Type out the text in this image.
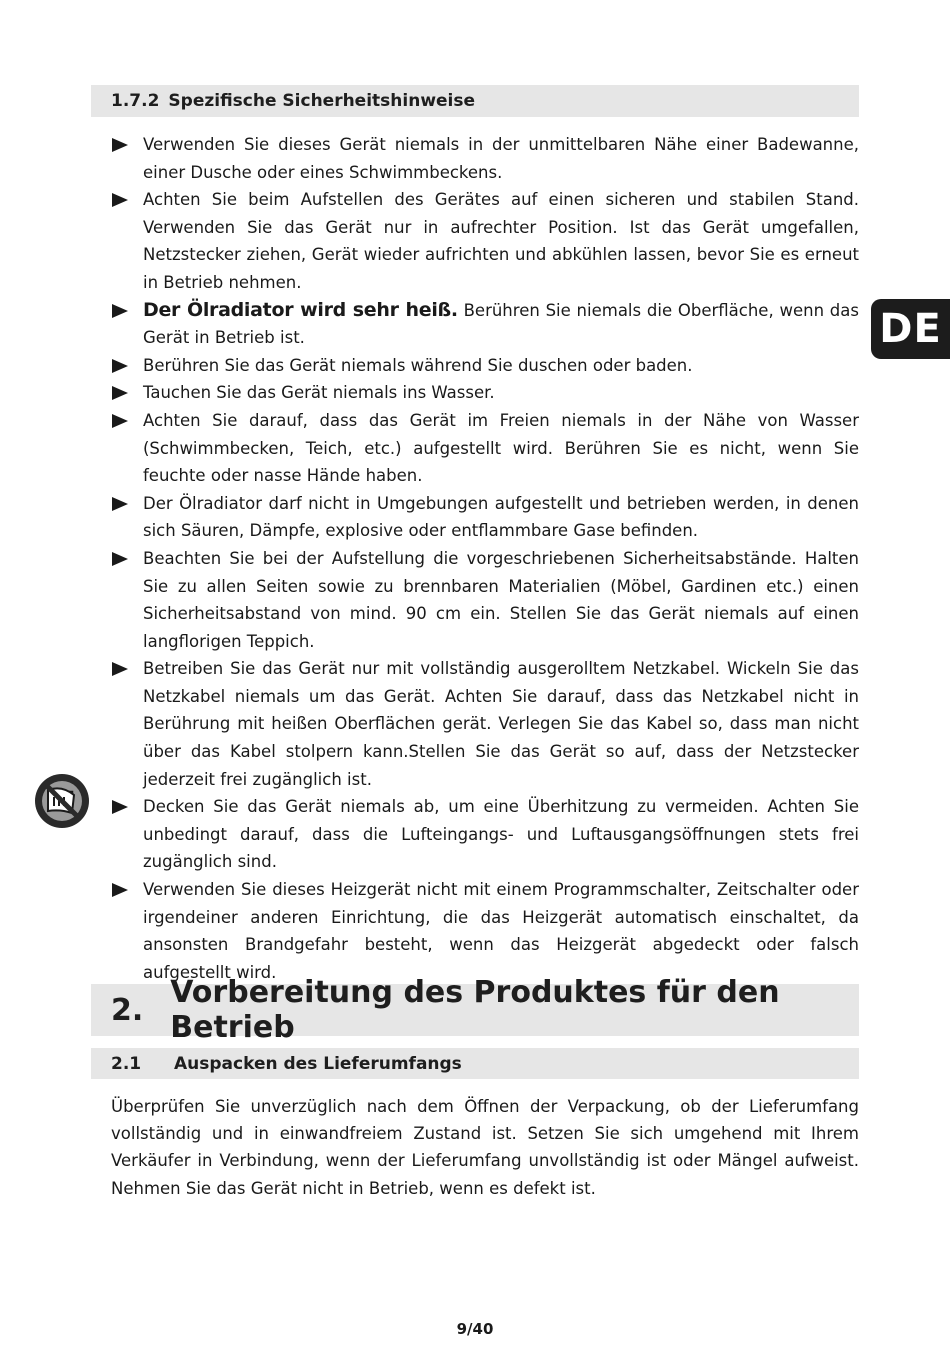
1.7.2 Spezifische Sicherheitshinweise
Verwenden Sie dieses Gerät niemals in der unmittelbaren Nähe einer Badewanne, einer Dusche oder eines Schwimmbeckens.
Achten Sie beim Aufstellen des Gerätes auf einen sicheren und stabilen Stand. Verwenden Sie das Gerät nur in aufrechter Position. Ist das Gerät umgefallen, Netzstecker ziehen, Gerät wieder aufrichten und abkühlen lassen, bevor Sie es erneut in Betrieb nehmen.
Der Ölradiator wird sehr heiß. Berühren Sie niemals die Oberfläche, wenn das Gerät in Betrieb ist.
Berühren Sie das Gerät niemals während Sie duschen oder baden.
Tauchen Sie das Gerät niemals ins Wasser.
Achten Sie darauf, dass das Gerät im Freien niemals in der Nähe von Wasser (Schwimmbecken, Teich, etc.) aufgestellt wird. Berühren Sie es nicht, wenn Sie feuchte oder nasse Hände haben.
Der Ölradiator darf nicht in Umgebungen aufgestellt und betrieben werden, in denen sich Säuren, Dämpfe, explosive oder entflammbare Gase befinden.
Beachten Sie bei der Aufstellung die vorgeschriebenen Sicherheitsabstände. Halten Sie zu allen Seiten sowie zu brennbaren Materialien (Möbel, Gardinen etc.) einen Sicherheitsabstand von mind. 90 cm ein. Stellen Sie das Gerät niemals auf einen langflorigen Teppich.
Betreiben Sie das Gerät nur mit vollständig ausgerolltem Netzkabel. Wickeln Sie das Netzkabel niemals um das Gerät. Achten Sie darauf, dass das Netzkabel nicht in Berührung mit heißen Oberflächen gerät. Verlegen Sie das Kabel so, dass man nicht über das Kabel stolpern kann.Stellen Sie das Gerät so auf, dass der Netzstecker jederzeit frei zugänglich ist.
Decken Sie das Gerät niemals ab, um eine Überhitzung zu vermeiden. Achten Sie unbedingt darauf, dass die Lufteingangs- und Luftausgangsöffnungen stets frei zugänglich sind.
Verwenden Sie dieses Heizgerät nicht mit einem Programmschalter, Zeitschalter oder irgendeiner anderen Einrichtung, die das Heizgerät automatisch einschaltet, da ansonsten Brandgefahr besteht, wenn das Heizgerät abgedeckt oder falsch aufgestellt wird.
DE
2. Vorbereitung des Produktes für den Betrieb
2.1	Auspacken des Lieferumfangs

Überprüfen Sie unverzüglich nach dem Öffnen der Verpackung, ob der Lieferumfang vollständig und in einwandfreiem Zustand ist. Setzen Sie sich umgehend mit Ihrem Verkäufer in Verbindung, wenn der Lieferumfang unvollständig ist oder Mängel aufweist. Nehmen Sie das Gerät nicht in Betrieb, wenn es defekt ist.

9/40
